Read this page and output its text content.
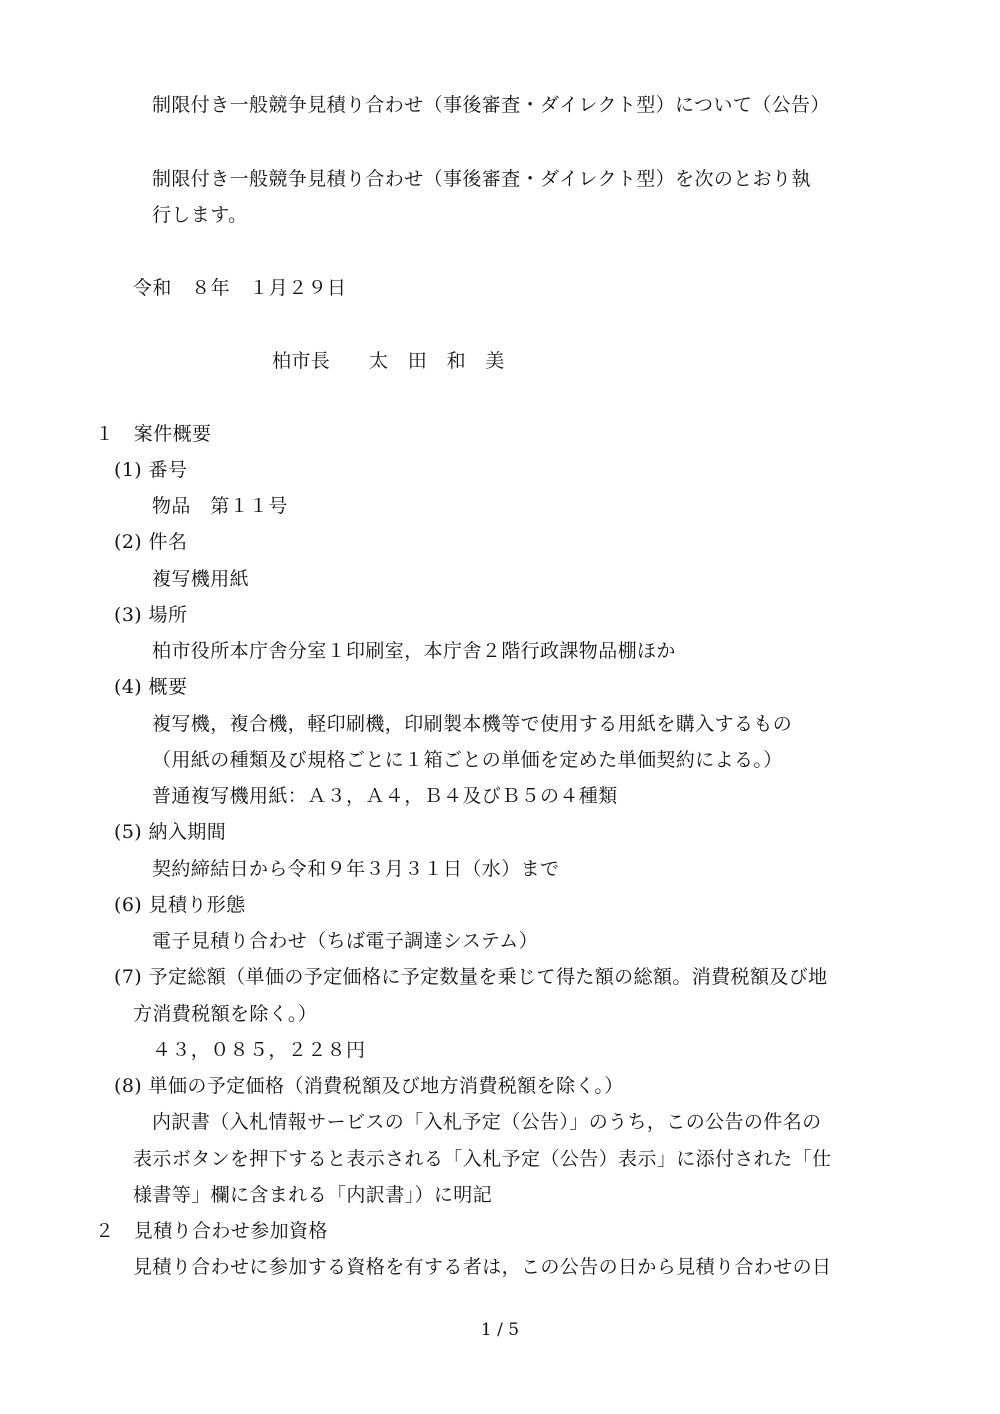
制限付き一般競争見積り合わせ（事後審査・ダイレクト型）について（公告）
制限付き一般競争見積り合わせ（事後審査・ダイレクト型）を次のとおり執
行します。
令和　８年　１月２９日
柏市長　　太　田　和　美
１　案件概要
(1) 番号
物品　第１１号
(2) 件名
複写機用紙
(3) 場所
柏市役所本庁舎分室１印刷室，本庁舎２階行政課物品棚ほか
(4) 概要
複写機，複合機，軽印刷機，印刷製本機等で使用する用紙を購入するもの
（用紙の種類及び規格ごとに１箱ごとの単価を定めた単価契約による。）
普通複写機用紙：Ａ３，Ａ４，Ｂ４及びＢ５の４種類
(5) 納入期間
契約締結日から令和９年３月３１日（水）まで
(6) 見積り形態
電子見積り合わせ（ちば電子調達システム）
(7) 予定総額（単価の予定価格に予定数量を乗じて得た額の総額。消費税額及び地
方消費税額を除く。）
４３，０８５，２２８円
(8) 単価の予定価格（消費税額及び地方消費税額を除く。）
内訳書（入札情報サービスの「入札予定（公告）」のうち，この公告の件名の
表示ボタンを押下すると表示される「入札予定（公告）表示」に添付された「仕
様書等」欄に含まれる「内訳書」）に明記
２　見積り合わせ参加資格
見積り合わせに参加する資格を有する者は，この公告の日から見積り合わせの日
1 / 5
